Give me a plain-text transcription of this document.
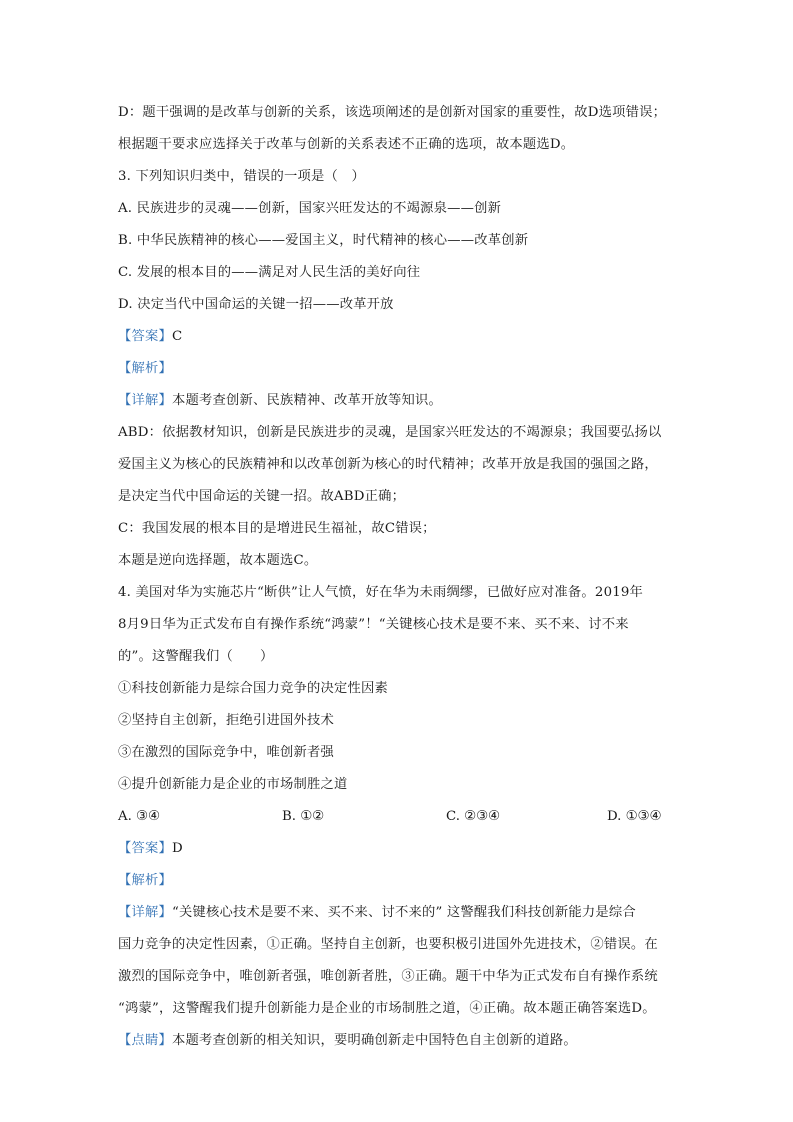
D：题干强调的是改革与创新的关系，该选项阐述的是创新对国家的重要性，故D选项错误；
根据题干要求应选择关于改革与创新的关系表述不正确的选项，故本题选D。
3. 下列知识归类中，错误的一项是（　）
A. 民族进步的灵魂——创新，国家兴旺发达的不竭源泉——创新
B. 中华民族精神的核心——爱国主义，时代精神的核心——改革创新
C. 发展的根本目的——满足对人民生活的美好向往
D. 决定当代中国命运的关键一招——改革开放
【答案】C
【解析】
【详解】本题考查创新、民族精神、改革开放等知识。
ABD：依据教材知识，创新是民族进步的灵魂，是国家兴旺发达的不竭源泉；我国要弘扬以
爱国主义为核心的民族精神和以改革创新为核心的时代精神；改革开放是我国的强国之路，
是决定当代中国命运的关键一招。故ABD正确；
C：我国发展的根本目的是增进民生福祉，故C错误；
本题是逆向选择题，故本题选C。
4. 美国对华为实施芯片“断供”让人气愤，好在华为未雨绸缪，已做好应对准备。2019年
8月9日华为正式发布自有操作系统“鸿蒙”！“关键核心技术是要不来、买不来、讨不来
的”。这警醒我们（　　）
①科技创新能力是综合国力竞争的决定性因素
②坚持自主创新，拒绝引进国外技术
③在激烈的国际竞争中，唯创新者强
④提升创新能力是企业的市场制胜之道
A. ③④	B. ①②	C. ②③④	D. ①③④
【答案】D
【解析】
【详解】“关键核心技术是要不来、买不来、讨不来的” 这警醒我们科技创新能力是综合
国力竞争的决定性因素，①正确。坚持自主创新，也要积极引进国外先进技术，②错误。在
激烈的国际竞争中，唯创新者强，唯创新者胜，③正确。题干中华为正式发布自有操作系统
“鸿蒙”，这警醒我们提升创新能力是企业的市场制胜之道，④正确。故本题正确答案选D。
【点睛】本题考查创新的相关知识，要明确创新走中国特色自主创新的道路。
